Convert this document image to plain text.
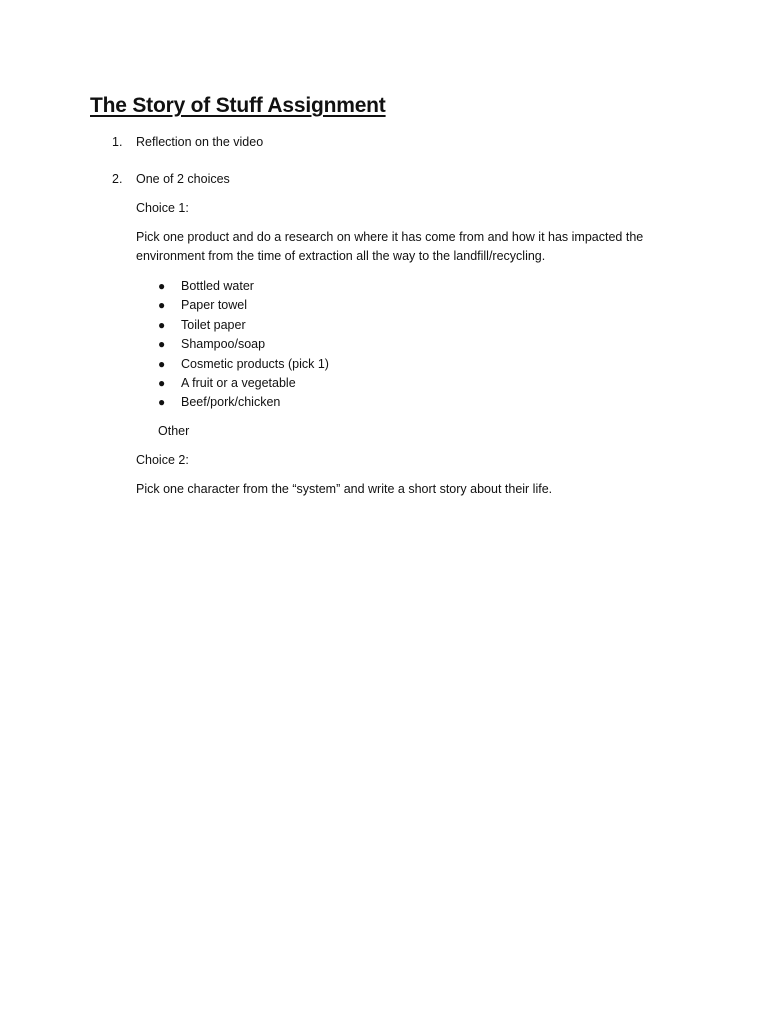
The Story of Stuff Assignment
1. Reflection on the video
2. One of 2 choices
Choice 1:

Pick one product and do a research on where it has come from and how it has impacted the environment from the time of extraction all the way to the landfill/recycling.

● Bottled water
● Paper towel
● Toilet paper
● Shampoo/soap
● Cosmetic products (pick 1)
● A fruit or a vegetable
● Beef/pork/chicken
Other
Choice 2:

Pick one character from the “system” and write a short story about their life.
